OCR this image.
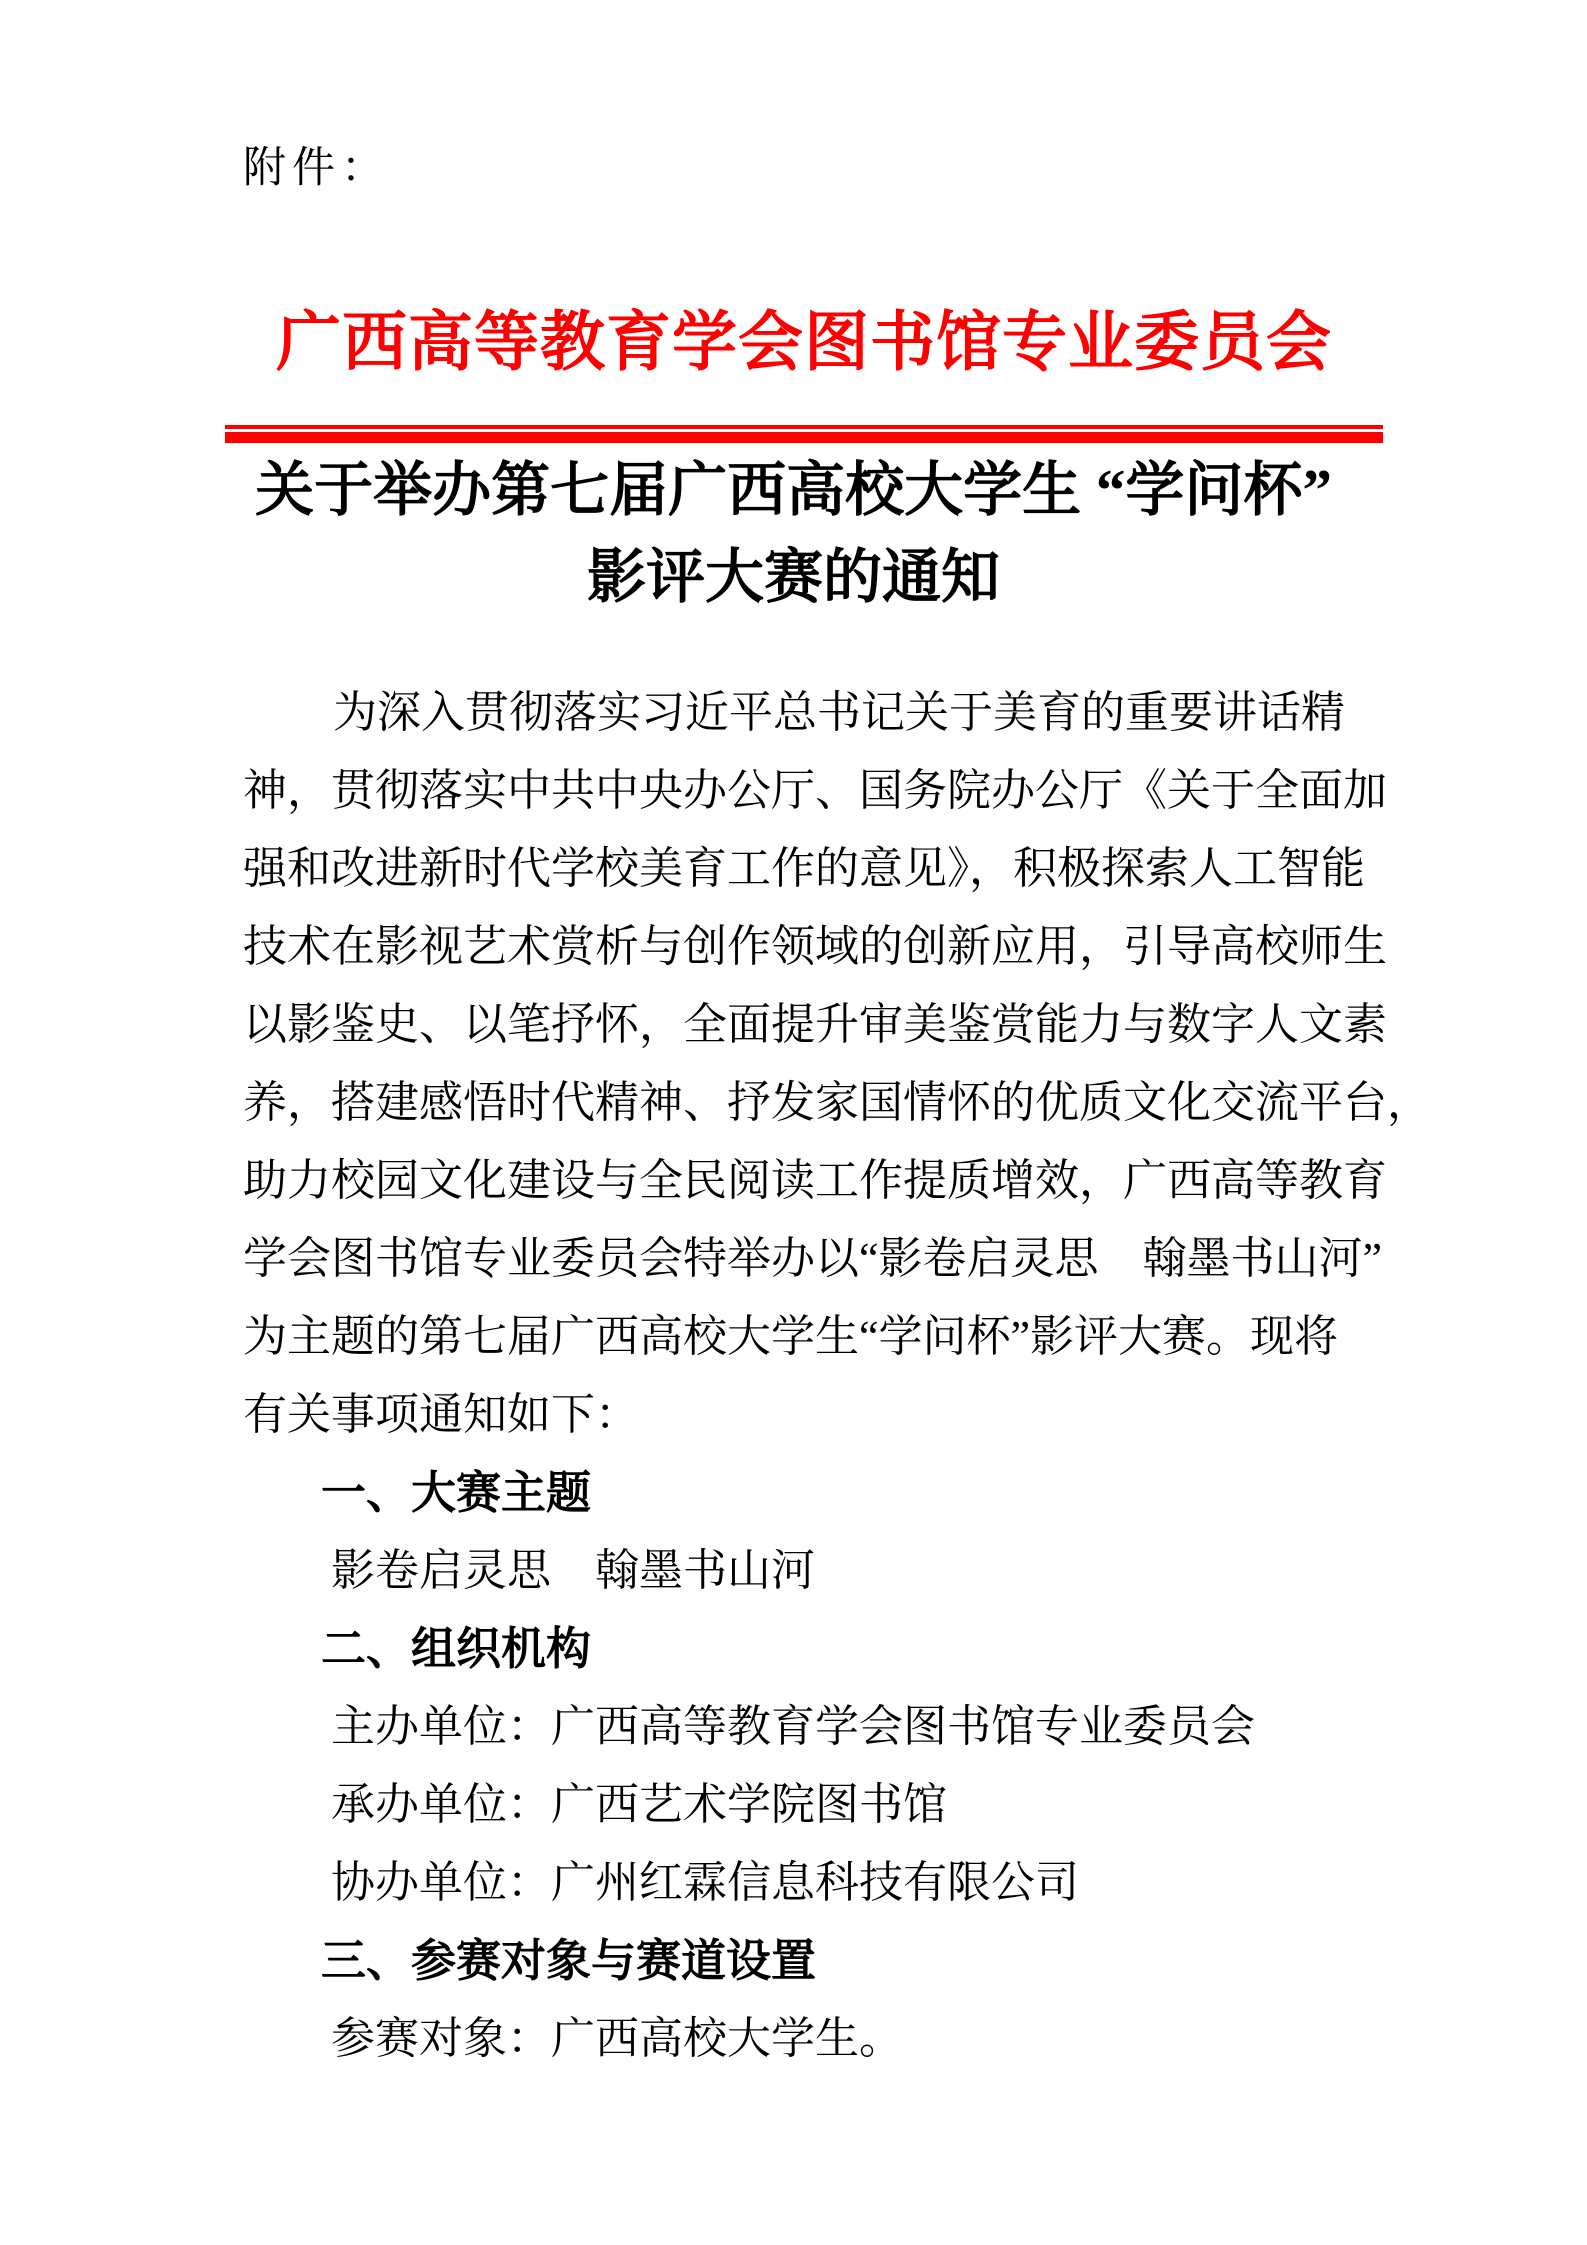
附件：
广西高等教育学会图书馆专业委员会
关于举办第七届广西高校大学生 “学问杯”
影评大赛的通知
为深入贯彻落实习近平总书记关于美育的重要讲话精
神，贯彻落实中共中央办公厅、国务院办公厅《关于全面加
强和改进新时代学校美育工作的意见》，积极探索人工智能
技术在影视艺术赏析与创作领域的创新应用，引导高校师生
以影鉴史、以笔抒怀，全面提升审美鉴赏能力与数字人文素
养，搭建感悟时代精神、抒发家国情怀的优质文化交流平台，
助力校园文化建设与全民阅读工作提质增效，广西高等教育
学会图书馆专业委员会特举办以“影卷启灵思　翰墨书山河”
为主题的第七届广西高校大学生“学问杯”影评大赛。现将
有关事项通知如下：
一、大赛主题
影卷启灵思　翰墨书山河
二、组织机构
主办单位：广西高等教育学会图书馆专业委员会
承办单位：广西艺术学院图书馆
协办单位：广州红霖信息科技有限公司
三、参赛对象与赛道设置
参赛对象：广西高校大学生。
